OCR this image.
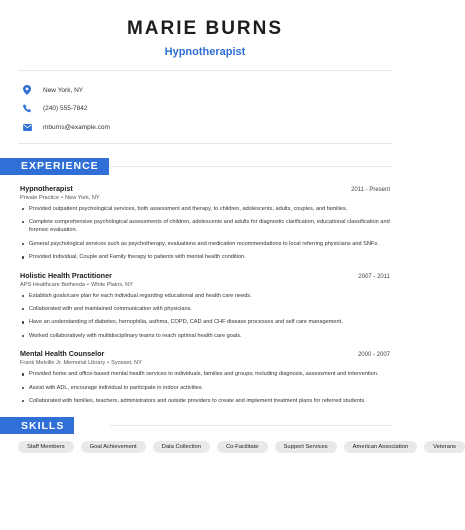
MARIE BURNS
Hypnotherapist
New York, NY
(240) 555-7842
mburns@example.com
EXPERIENCE
Hypnotherapist	2011 - Present
Private Practice • New York, NY
Provided outpatient psychological services, both assessment and therapy, to children, adolescents, adults, couples, and families.
Complete comprehensive psychological assessments of children, adolescents and adults for diagnostic clarification, educational classification and forensic evaluation.
General psychological services such as psychotherapy, evaluations and medication recommendations to local referring physicians and SNFs.
Provided Individual, Couple and Family therapy to patients with mental health condition.
Holistic Health Practitioner	2007 - 2011
APS Healthcare Bethesda • White Plains, NY
Establish goals/care plan for each individual regarding educational and health care needs.
Collaborated with and maintained communication with physicians.
Have an understanding of diabetes, hemophilia, asthma, COPD, CAD and CHF disease processes and self care management.
Worked collaboratively with multidisciplinary teams to reach optimal health care goals.
Mental Health Counselor	2000 - 2007
Frank Melville Jr. Memorial Library • Syosset, NY
Provided home and office-based mental health services to individuals, families and groups; including diagnosis, assessment and intervention.
Assist with ADL, encourage individual to participate in indoor activities.
Collaborated with families, teachers, administrators and outside providers to create and implement treatment plans for referred students.
SKILLS
Staff Members	Goal Achievement	Data Collection	Co-Facilitate	Support Services	American Association	Veterans
